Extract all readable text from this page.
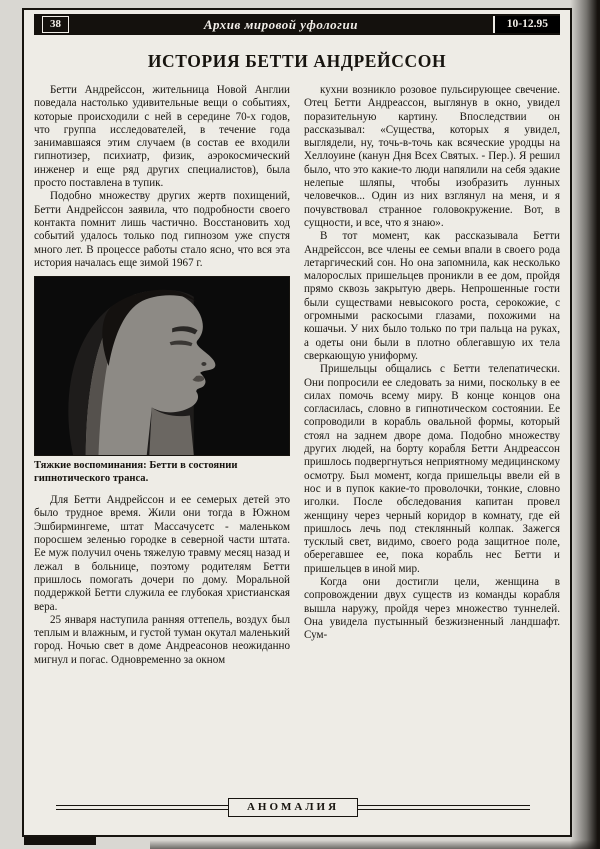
38	Архив мировой уфологии	10-12.95
ИСТОРИЯ БЕТТИ АНДРЕЙССОН

Бетти Андрейссон, жительница Новой Англии поведала настолько удивительные вещи о событиях, которые происходили с ней в середине 70-х годов, что группа исследователей, в течение года занимавшаяся этим случаем (в состав ее входили гипнотизер, психиатр, физик, аэрокосмический инженер и еще ряд других специалистов), была просто поставлена в тупик.

Подобно множеству других жертв похищений, Бетти Андрейссон заявила, что подробности своего контакта помнит лишь частично. Восстановить ход событий удалось только под гипнозом уже спустя много лет. В процессе работы стало ясно, что вся эта история началась еще зимой 1967 г.

Тяжкие воспоминания: Бетти в состоянии гипнотического транса.

Для Бетти Андрейссон и ее семерых детей это было трудное время. Жили они тогда в Южном Эшбирмингеме, штат Массачусетс - маленьком поросшем зеленью городке в северной части штата. Ее муж получил очень тяжелую травму месяц назад и лежал в больнице, поэтому родителям Бетти пришлось помогать дочери по дому. Моральной поддержкой Бетти служила ее глубокая христианская вера.

25 января наступила ранняя оттепель, воздух был теплым и влажным, и густой туман окутал маленький город. Ночью свет в доме Андреасонов неожиданно мигнул и погас. Одновременно за окном

кухни возникло розовое пульсирующее свечение. Отец Бетти Андреассон, выглянув в окно, увидел поразительную картину. Впоследствии он рассказывал: «Существа, которых я увидел, выглядели, ну, точь-в-точь как всяческие уродцы на Хеллоуине (канун Дня Всех Святых. - Пер.). Я решил было, что это какие-то люди напялили на себя эдакие нелепые шляпы, чтобы изобразить лунных человечков... Один из них взглянул на меня, и я почувствовал странное головокружение. Вот, в сущности, и все, что я знаю».

В тот момент, как рассказывала Бетти Андрейссон, все члены ее семьи впали в своего рода летаргический сон. Но она запомнила, как несколько малорослых пришельцев проникли в ее дом, пройдя прямо сквозь закрытую дверь. Непрошенные гости были существами невысокого роста, серокожие, с огромными раскосыми глазами, похожими на кошачьи. У них было только по три пальца на руках, а одеты они были в плотно облегавшую их тела сверкающую униформу.

Пришельцы общались с Бетти телепатически. Они попросили ее следовать за ними, поскольку в ее силах помочь всему миру. В конце концов она согласилась, словно в гипнотическом состоянии. Ее сопроводили в корабль овальной формы, который стоял на заднем дворе дома. Подобно множеству других людей, на борту корабля Бетти Андреассон пришлось подвергнуться неприятному медицинскому осмотру. Был момент, когда пришельцы ввели ей в нос и в пупок какие-то проволочки, тонкие, словно иголки. После обследования капитан провел женщину через черный коридор в комнату, где ей пришлось лечь под стеклянный колпак. Зажегся тусклый свет, видимо, своего рода защитное поле, оберегавшее ее, пока корабль нес Бетти и пришельцев в иной мир.

Когда они достигли цели, женщина в сопровождении двух существ из команды корабля вышла наружу, пройдя через множество туннелей. Она увидела пустынный безжизненный ландшафт. Сум-

АНОМАЛИЯ
